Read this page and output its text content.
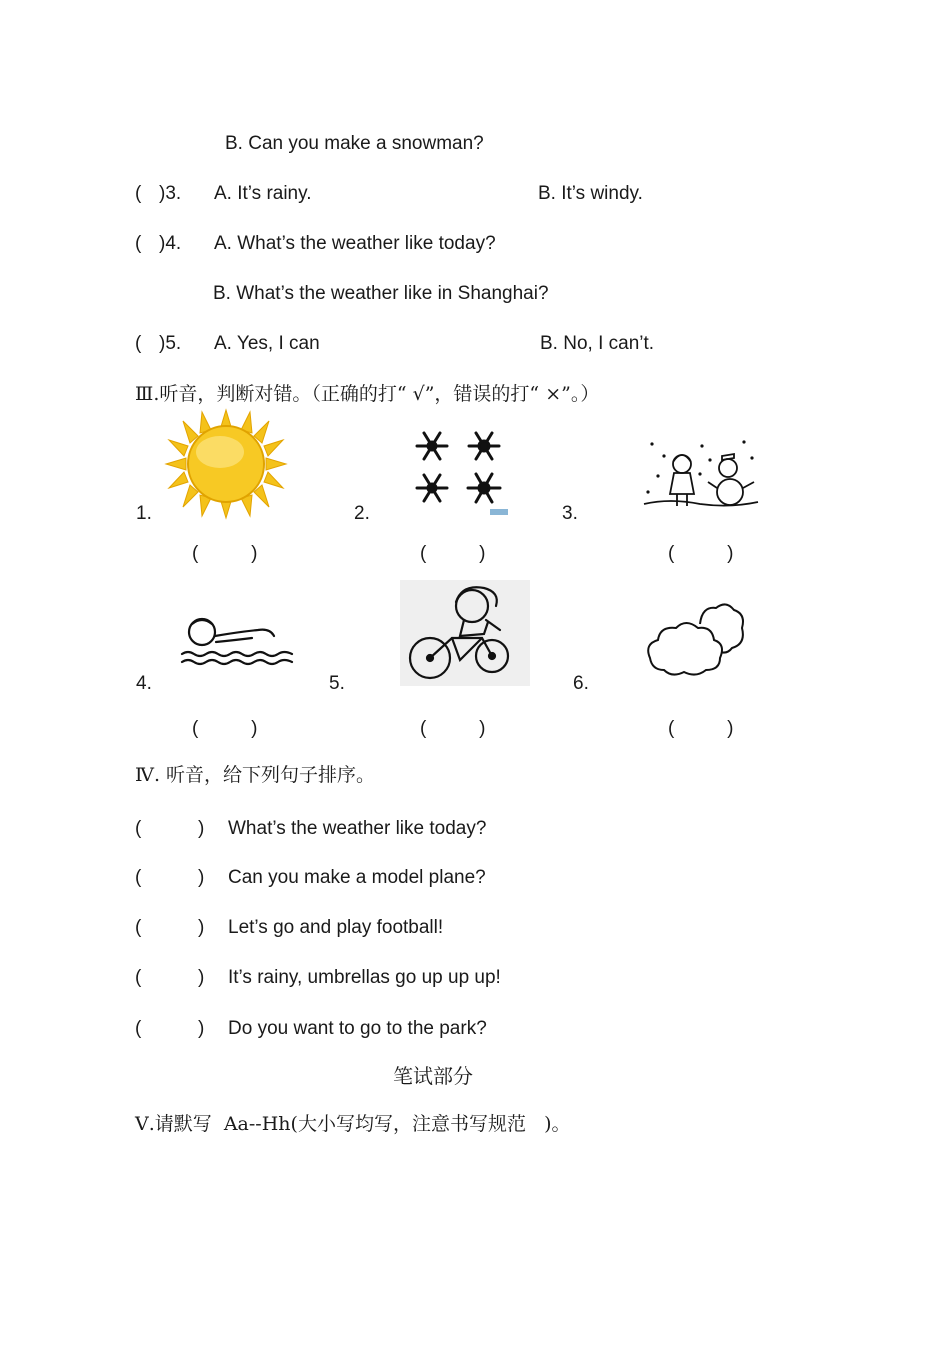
B. Can you make a snowman?
( )3. A. It’s rainy.	B. It’s windy.
( )4. A. What’s the weather like today?
B. What’s the weather like in Shanghai?
( )5. A. Yes, I can	B. No, I can’t.
Ⅲ.听音，判断对错。（正确的打“ √”，错误的打“ ×”。）
1.	2.	3.
(          )	(          )	(          )
4.	5.	6.
(          )	(          )	(          )
Ⅳ. 听音，给下列句子排序。
(	) What’s the weather like today?
(	) Can you make a model plane?
(	) Let’s go and play football!
(	) It’s rainy, umbrellas go up up up!
(	) Do you want to go to the park?
笔试部分
Ⅴ.请默写  Aa--Hh(大小写均写，注意书写规范   )。
